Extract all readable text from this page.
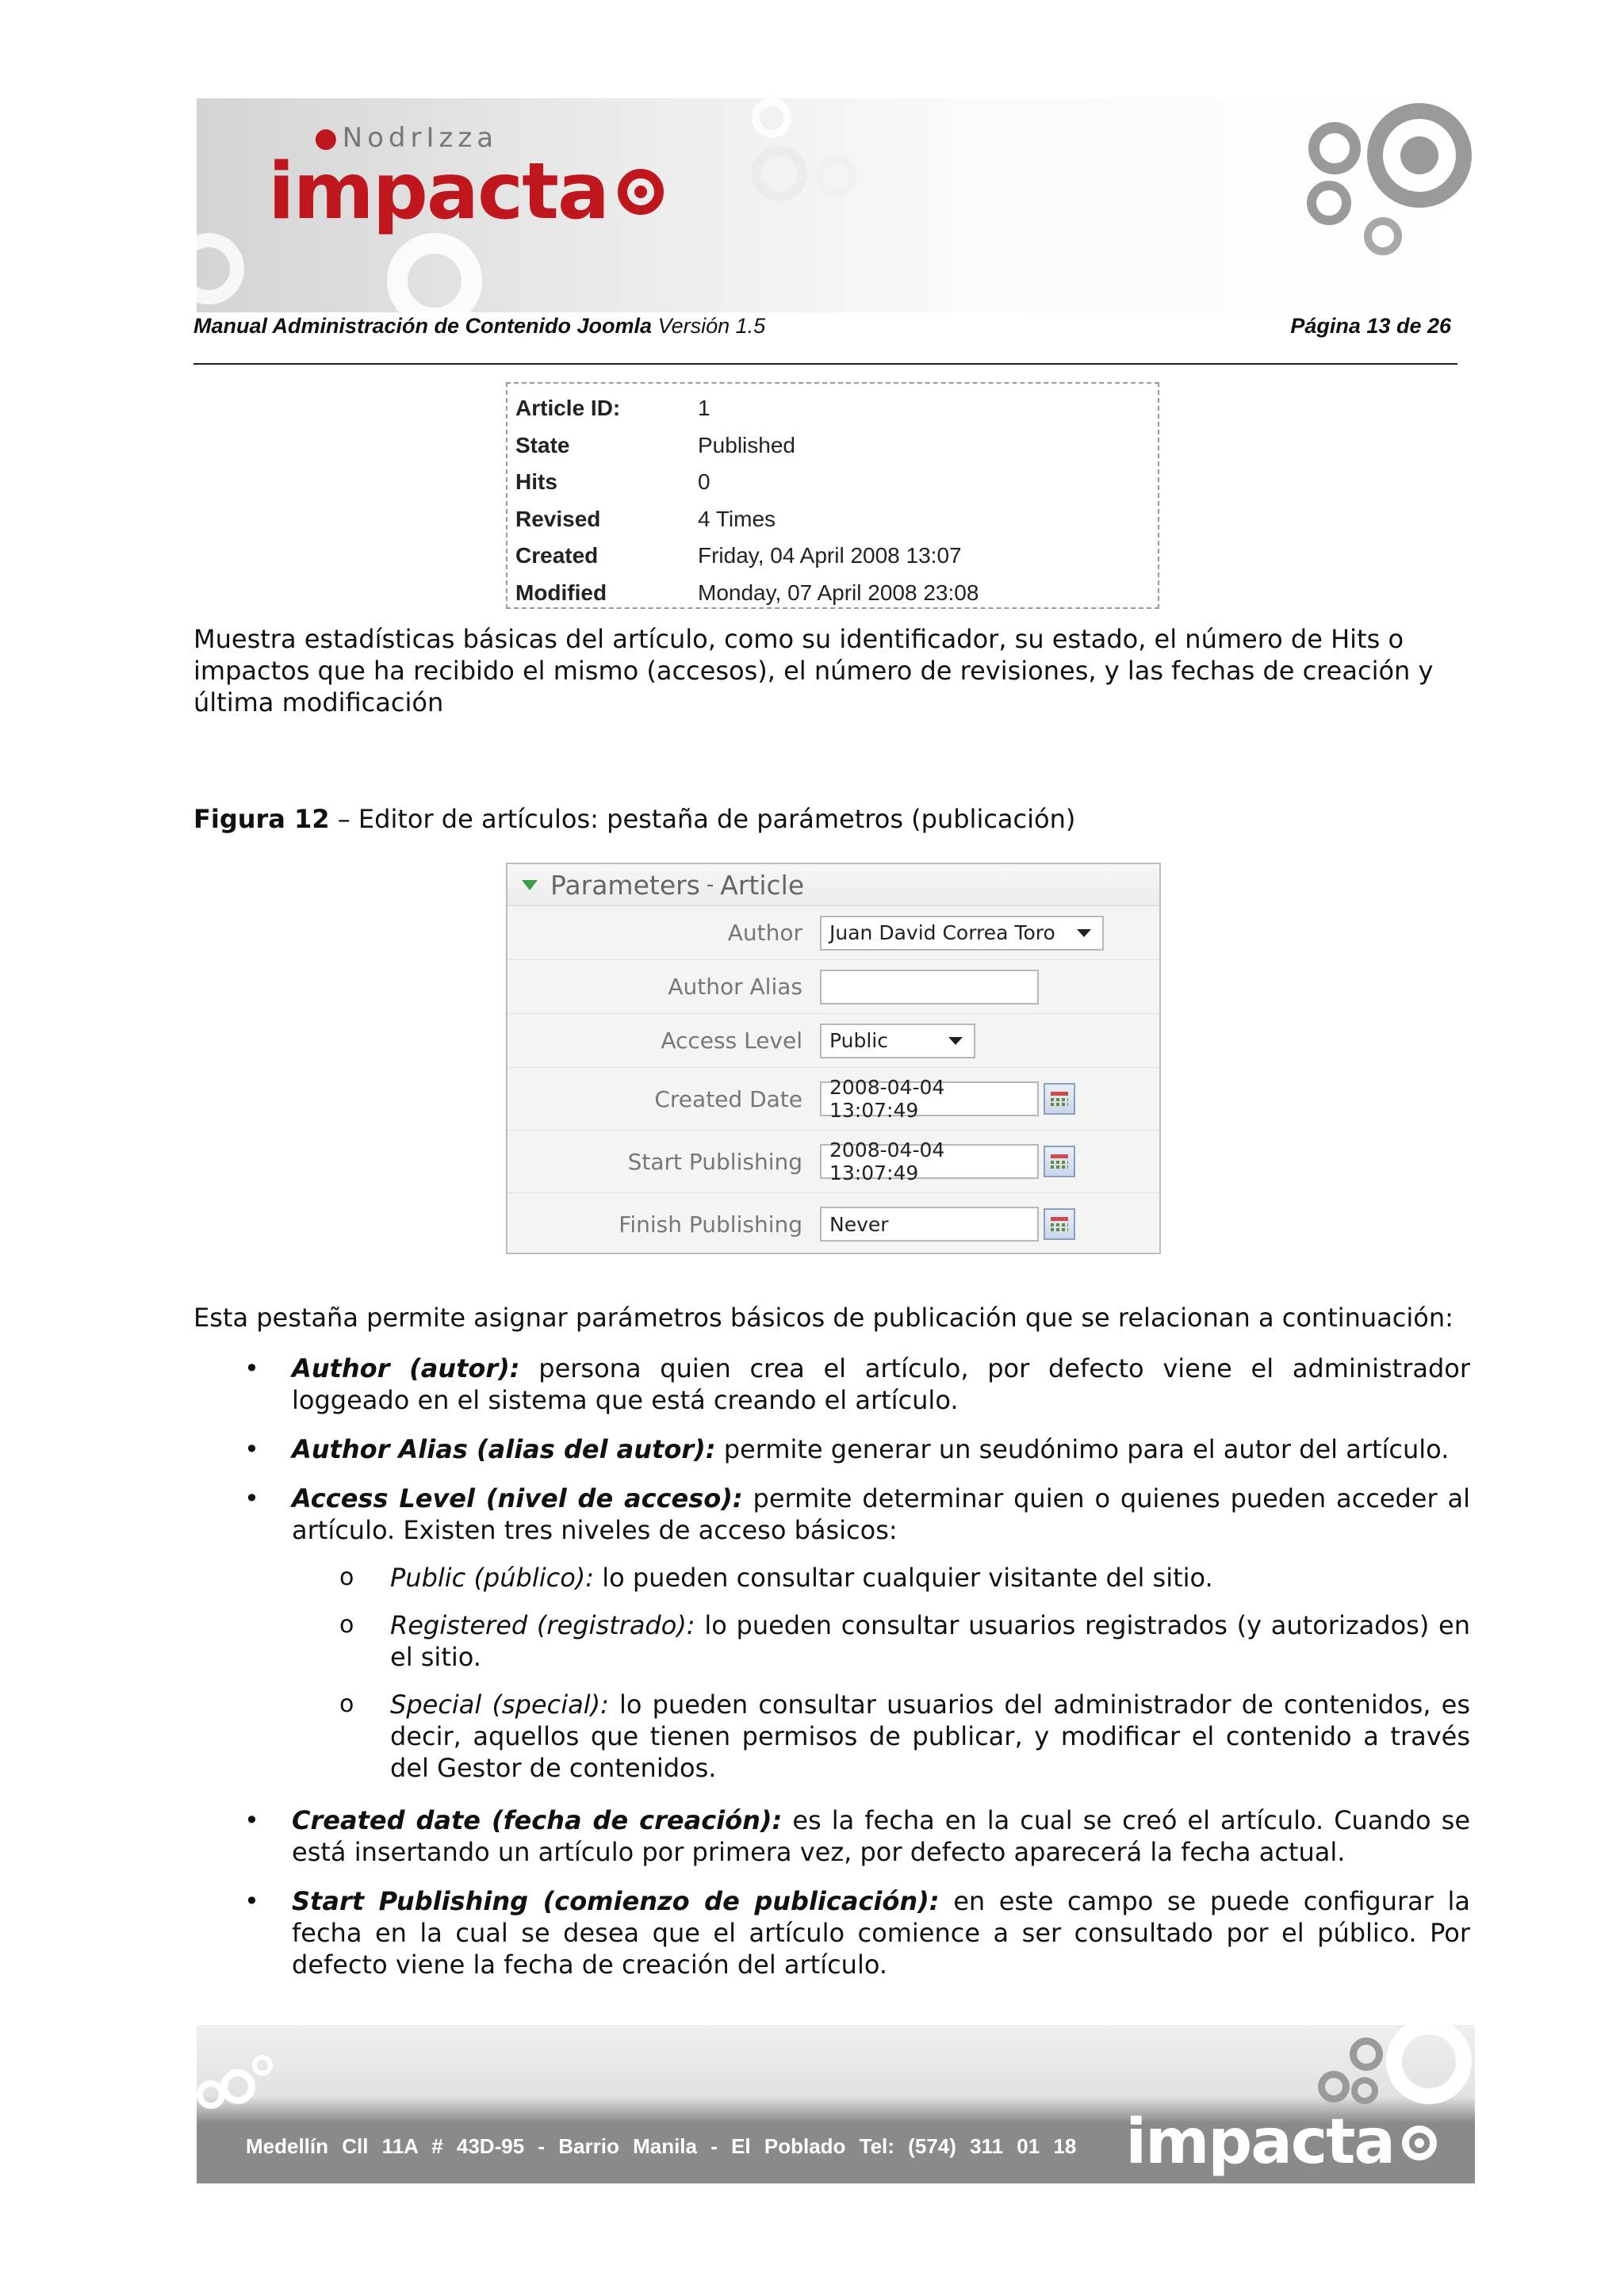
●NodrIzza
impacta
Manual Administración de Contenido Joomla Versión 1.5	Página 13 de 26
Article ID:	1
State	Published
Hits	0
Revised	4 Times
Created	Friday, 04 April 2008 13:07
Modified	Monday, 07 April 2008 23:08

Muestra estadísticas básicas del artículo, como su identificador, su estado, el número de Hits o impactos que ha recibido el mismo (accesos), el número de revisiones, y las fechas de creación y última modificación

Figura 12 – Editor de artículos: pestaña de parámetros (publicación)
Parameters - Article
Author	Juan David Correa Toro
Author Alias
Access Level	Public
Created Date	2008-04-04 13:07:49
Start Publishing	2008-04-04 13:07:49
Finish Publishing	Never

Esta pestaña permite asignar parámetros básicos de publicación que se relacionan a continuación:

• Author (autor): persona quien crea el artículo, por defecto viene el administrador loggeado en el sistema que está creando el artículo.
• Author Alias (alias del autor): permite generar un seudónimo para el autor del artículo.
• Access Level (nivel de acceso): permite determinar quien o quienes pueden acceder al artículo. Existen tres niveles de acceso básicos:
o Public (público): lo pueden consultar cualquier visitante del sitio.
o Registered (registrado): lo pueden consultar usuarios registrados (y autorizados) en el sitio.
o Special (special): lo pueden consultar usuarios del administrador de contenidos, es decir, aquellos que tienen permisos de publicar, y modificar el contenido a través del Gestor de contenidos.
• Created date (fecha de creación): es la fecha en la cual se creó el artículo. Cuando se está insertando un artículo por primera vez, por defecto aparecerá la fecha actual.
• Start Publishing (comienzo de publicación): en este campo se puede configurar la fecha en la cual se desea que el artículo comience a ser consultado por el público. Por defecto viene la fecha de creación del artículo.
Medellín Cll 11A # 43D-95 - Barrio Manila - El Poblado Tel: (574) 311 01 18 impacta
